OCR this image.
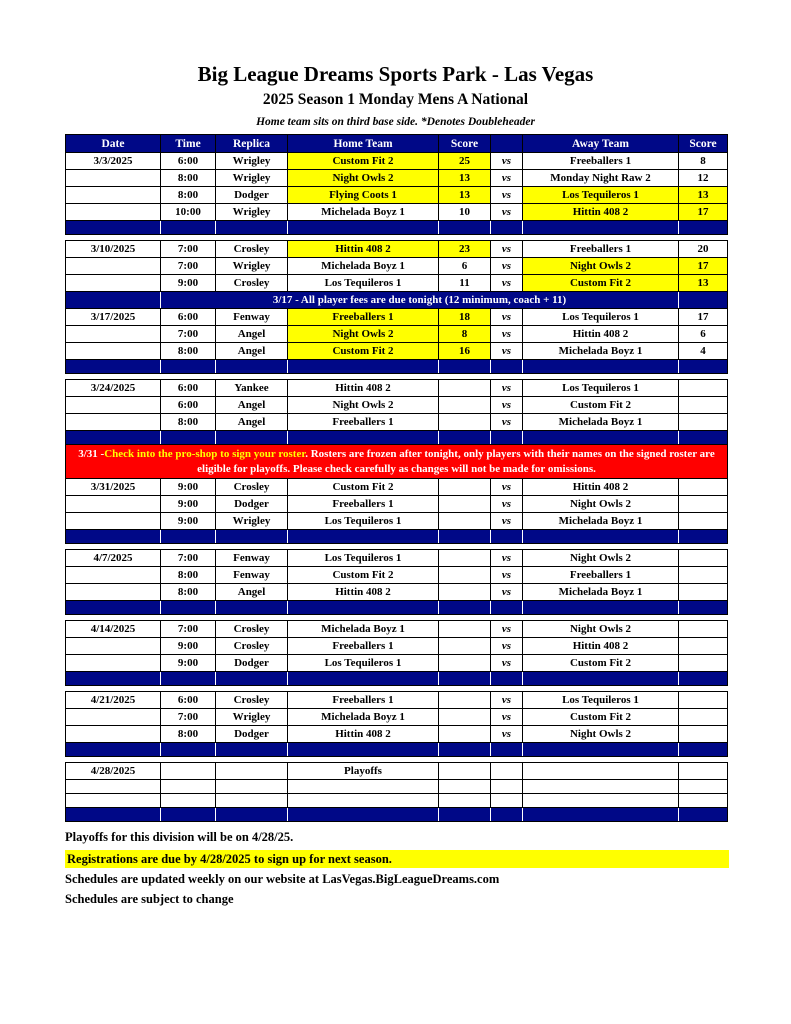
Big League Dreams Sports Park - Las Vegas
2025 Season 1 Monday Mens A National
Home team sits on third base side. *Denotes Doubleheader
Date	Time	Replica	Home Team	Score		Away Team	Score
3/3/2025	6:00	Wrigley	Custom Fit 2	25	vs	Freeballers 1	8
	8:00	Wrigley	Night Owls 2	13	vs	Monday Night Raw 2	12
	8:00	Dodger	Flying Coots 1	13	vs	Los Tequileros 1	13
	10:00	Wrigley	Michelada Boyz 1	10	vs	Hittin 408 2	17

3/10/2025	7:00	Crosley	Hittin 408 2	23	vs	Freeballers 1	20
	7:00	Wrigley	Michelada Boyz 1	6	vs	Night Owls 2	17
	9:00	Crosley	Los Tequileros 1	11	vs	Custom Fit 2	13
	3/17 - All player fees are due tonight (12 minimum, coach + 11)						
3/17/2025	6:00	Fenway	Freeballers 1	18	vs	Los Tequileros 1	17
	7:00	Angel	Night Owls 2	8	vs	Hittin 408 2	6
	8:00	Angel	Custom Fit 2	16	vs	Michelada Boyz 1	4

3/24/2025	6:00	Yankee	Hittin 408 2		vs	Los Tequileros 1	
	6:00	Angel	Night Owls 2		vs	Custom Fit 2	
	8:00	Angel	Freeballers 1		vs	Michelada Boyz 1	

3/31 -Check into the pro-shop to sign your roster. Rosters are frozen after tonight, only players with their names on the signed roster are eligible for playoffs. Please check carefully as changes will not be made for omissions.							
3/31/2025	9:00	Crosley	Custom Fit 2		vs	Hittin 408 2	
	9:00	Dodger	Freeballers 1		vs	Night Owls 2	
	9:00	Wrigley	Los Tequileros 1		vs	Michelada Boyz 1	

4/7/2025	7:00	Fenway	Los Tequileros 1		vs	Night Owls 2	
	8:00	Fenway	Custom Fit 2		vs	Freeballers 1	
	8:00	Angel	Hittin 408 2		vs	Michelada Boyz 1	

4/14/2025	7:00	Crosley	Michelada Boyz 1		vs	Night Owls 2	
	9:00	Crosley	Freeballers 1		vs	Hittin 408 2	
	9:00	Dodger	Los Tequileros 1		vs	Custom Fit 2	

4/21/2025	6:00	Crosley	Freeballers 1		vs	Los Tequileros 1	
	7:00	Wrigley	Michelada Boyz 1		vs	Custom Fit 2	
	8:00	Dodger	Hittin 408 2		vs	Night Owls 2	

4/28/2025			Playoffs				

Playoffs for this division will be on 4/28/25.
Registrations are due by 4/28/2025 to sign up for next season.
Schedules are updated weekly on our website at LasVegas.BigLeagueDreams.com
Schedules are subject to change
